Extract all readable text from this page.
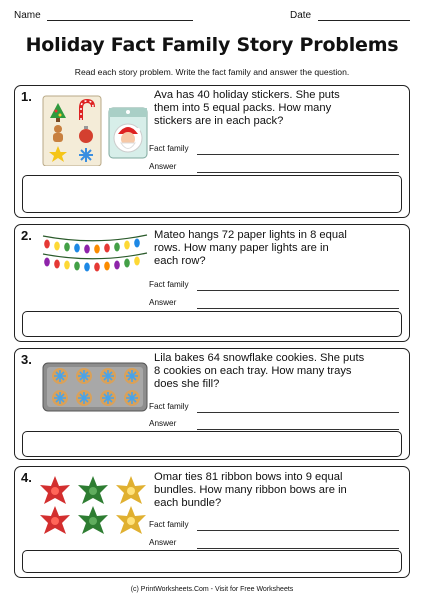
Name	Date
Holiday Fact Family Story Problems
Read each story problem. Write the fact family and answer the question.
1.	Ava has 40 holiday stickers. She puts
them into 5 equal packs. How many
stickers are in each pack?
Fact family
Answer
2.	Mateo hangs 72 paper lights in 8 equal
rows. How many paper lights are in
each row?
Fact family
Answer
3.	Lila bakes 64 snowflake cookies. She puts
8 cookies on each tray. How many trays
does she fill?
Fact family
Answer
4.	Omar ties 81 ribbon bows into 9 equal
bundles. How many ribbon bows are in
each bundle?
Fact family
Answer
(c) PrintWorksheets.Com - Visit for Free Worksheets
